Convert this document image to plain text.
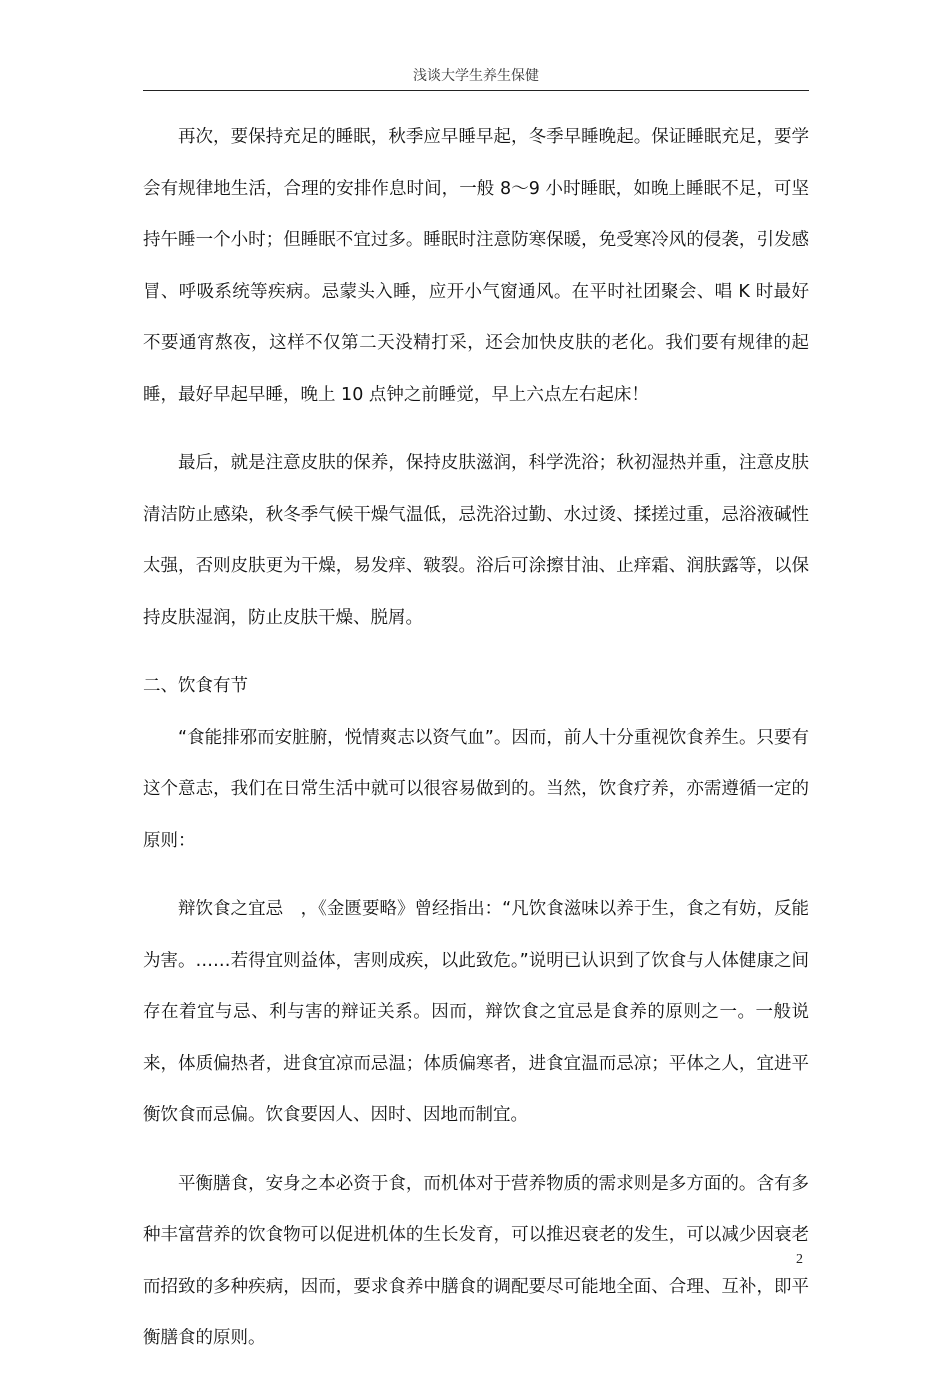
浅谈大学生养生保健

再次，要保持充足的睡眠，秋季应早睡早起，冬季早睡晚起。保证睡眠充足，要学会有规律地生活，合理的安排作息时间，一般 8～9 小时睡眠，如晚上睡眠不足，可坚持午睡一个小时；但睡眠不宜过多。睡眠时注意防寒保暖，免受寒冷风的侵袭，引发感冒、呼吸系统等疾病。忌蒙头入睡，应开小气窗通风。在平时社团聚会、唱 K 时最好不要通宵熬夜，这样不仅第二天没精打采，还会加快皮肤的老化。我们要有规律的起睡，最好早起早睡，晚上 10 点钟之前睡觉，早上六点左右起床！

最后，就是注意皮肤的保养，保持皮肤滋润，科学洗浴；秋初湿热并重，注意皮肤清洁防止感染，秋冬季气候干燥气温低，忌洗浴过勤、水过烫、揉搓过重，忌浴液碱性太强，否则皮肤更为干燥，易发痒、皲裂。浴后可涂擦甘油、止痒霜、润肤露等，以保持皮肤湿润，防止皮肤干燥、脱屑。

二、饮食有节

“食能排邪而安脏腑，悦情爽志以资气血”。因而，前人十分重视饮食养生。只要有这个意志，我们在日常生活中就可以很容易做到的。当然，饮食疗养，亦需遵循一定的原则：

辩饮食之宜忌　，《金匮要略》曾经指出：“凡饮食滋味以养于生，食之有妨，反能为害。……若得宜则益体，害则成疾，以此致危。”说明已认识到了饮食与人体健康之间存在着宜与忌、利与害的辩证关系。因而，辩饮食之宜忌是食养的原则之一。一般说来，体质偏热者，进食宜凉而忌温；体质偏寒者，进食宜温而忌凉；平体之人，宜进平衡饮食而忌偏。饮食要因人、因时、因地而制宜。

平衡膳食，安身之本必资于食，而机体对于营养物质的需求则是多方面的。含有多种丰富营养的饮食物可以促进机体的生长发育，可以推迟衰老的发生，可以减少因衰老而招致的多种疾病，因而，要求食养中膳食的调配要尽可能地全面、合理、互补，即平衡膳食的原则。

2
